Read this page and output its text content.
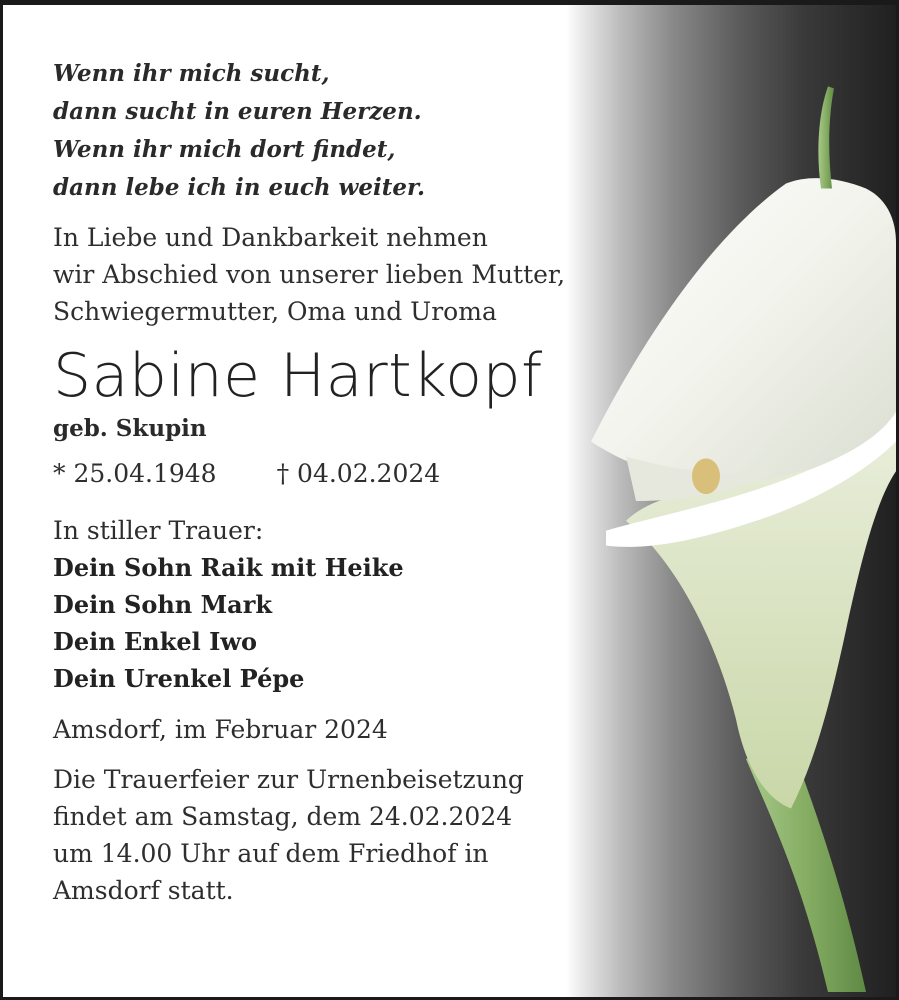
Wenn ihr mich sucht,
dann sucht in euren Herzen.
Wenn ihr mich dort findet,
dann lebe ich in euch weiter.
In Liebe und Dankbarkeit nehmen
wir Abschied von unserer lieben Mutter,
Schwiegermutter, Oma und Uroma
Sabine Hartkopf
geb. Skupin
* 25.04.1948 † 04.02.2024
In stiller Trauer:
Dein Sohn Raik mit Heike
Dein Sohn Mark
Dein Enkel Iwo
Dein Urenkel Pépe
Amsdorf, im Februar 2024
Die Trauerfeier zur Urnenbeisetzung
findet am Samstag, dem 24.02.2024
um 14.00 Uhr auf dem Friedhof in
Amsdorf statt.
